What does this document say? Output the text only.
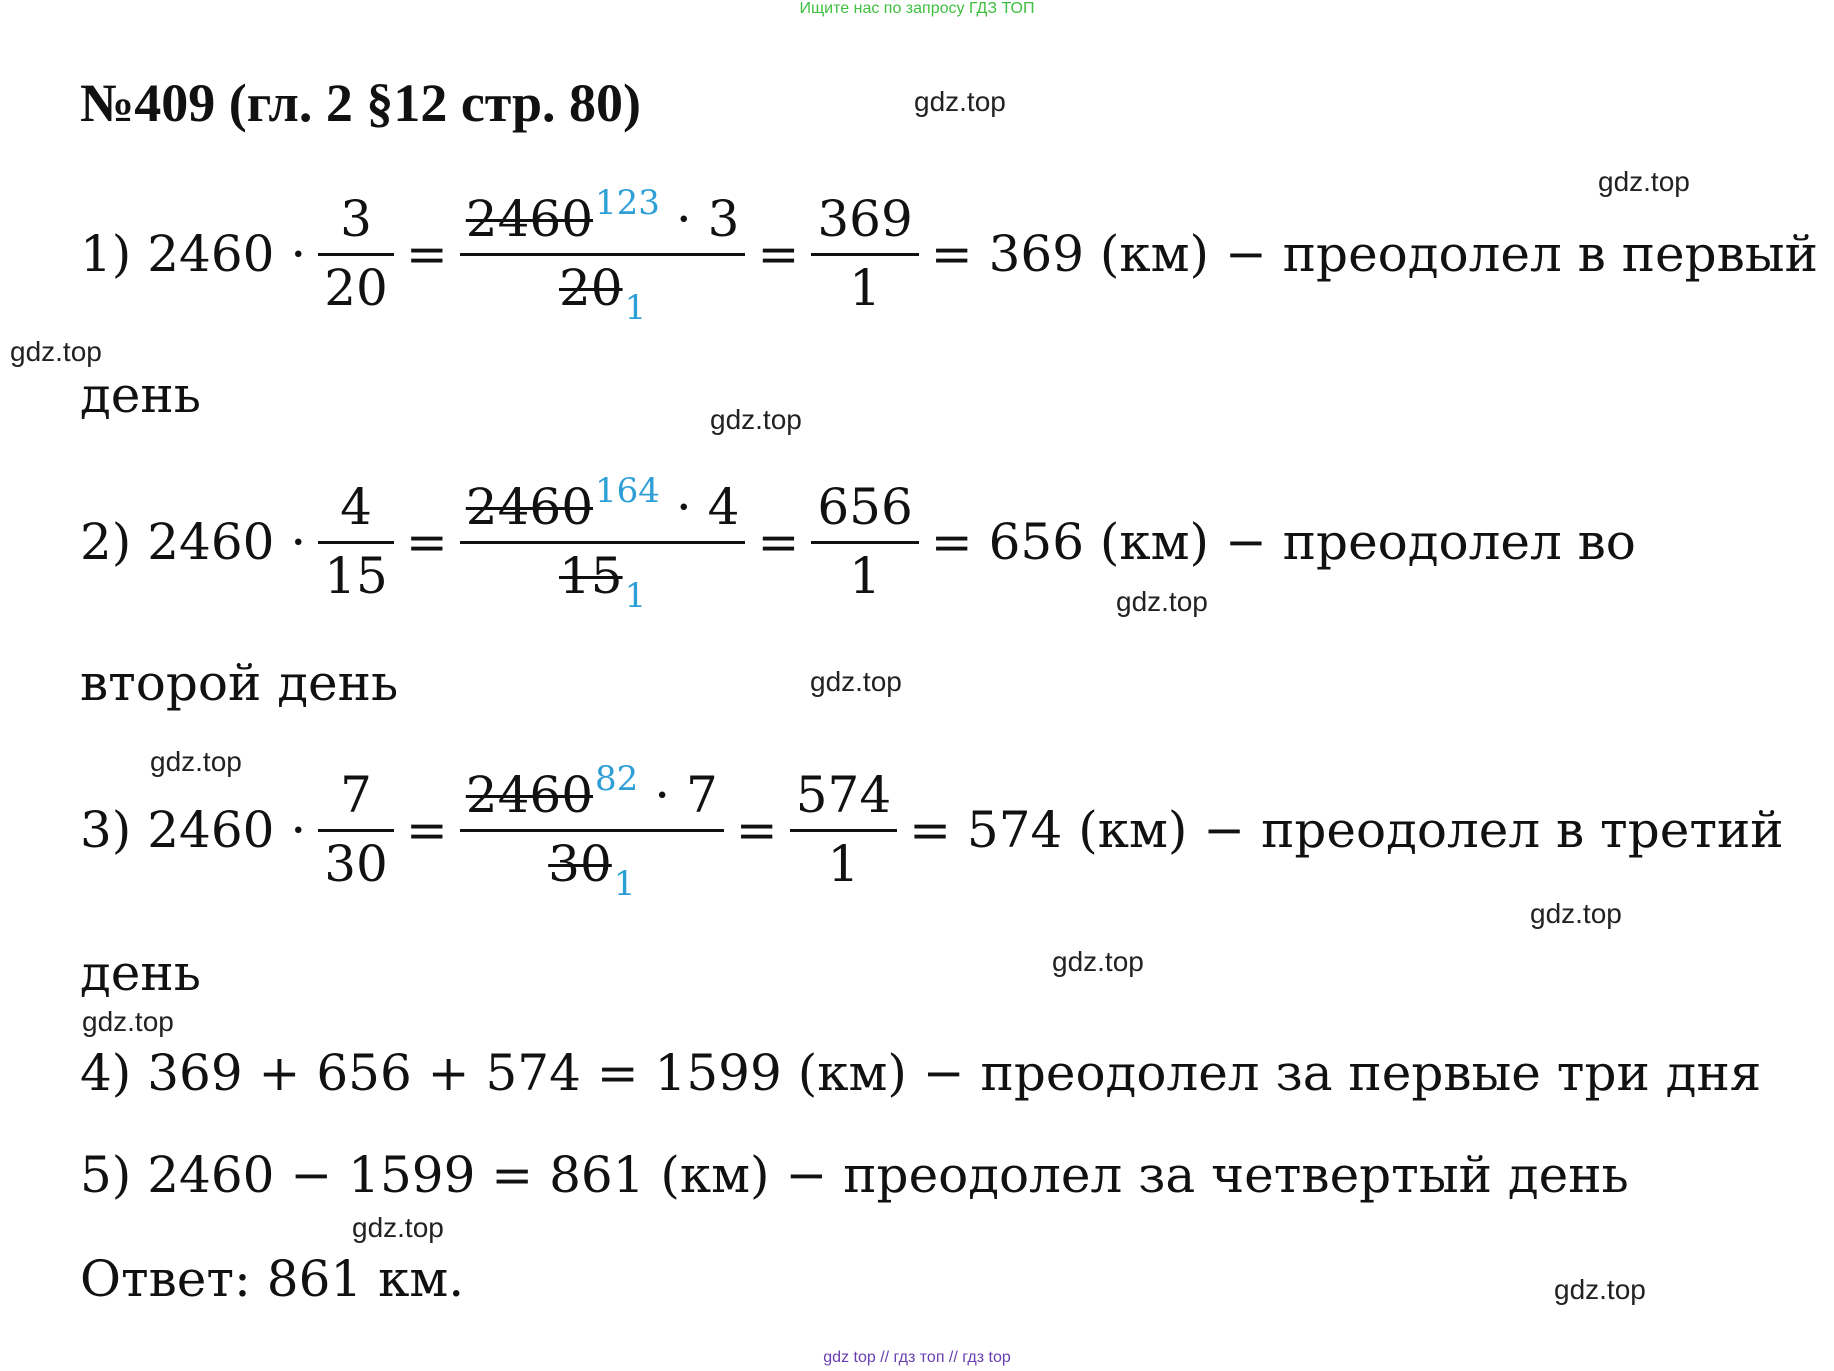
Ищите нас по запросу ГДЗ ТОП
№409 (гл. 2 §12 стр. 80)
1) $2460 \cdot \frac{3}{20} = \frac{2460 123 \cdot 3}{20 1} = \frac{369}{1} = 369$ (км) − преодолел в первый
день
2) $2460 \cdot \frac{4}{15} = \frac{2460 164 \cdot 4}{15 1} = \frac{656}{1} = 656$ (км) − преодолел во
второй день
3) $2460 \cdot \frac{7}{30} = \frac{2460 82 \cdot 7}{30 1} = \frac{574}{1} = 574$ (км) − преодолел в третий
день
4) 369 + 656 + 574 = 1599 (км) − преодолел за первые три дня
5) 2460 − 1599 = 861 (км) − преодолел за четвертый день
Ответ: 861 км.
gdz.top
gdz.top
gdz.top
gdz.top
gdz.top
gdz.top
gdz.top
gdz.top
gdz.top
gdz.top
gdz.top
gdz.top
gdz top // гдз топ // гдз top
